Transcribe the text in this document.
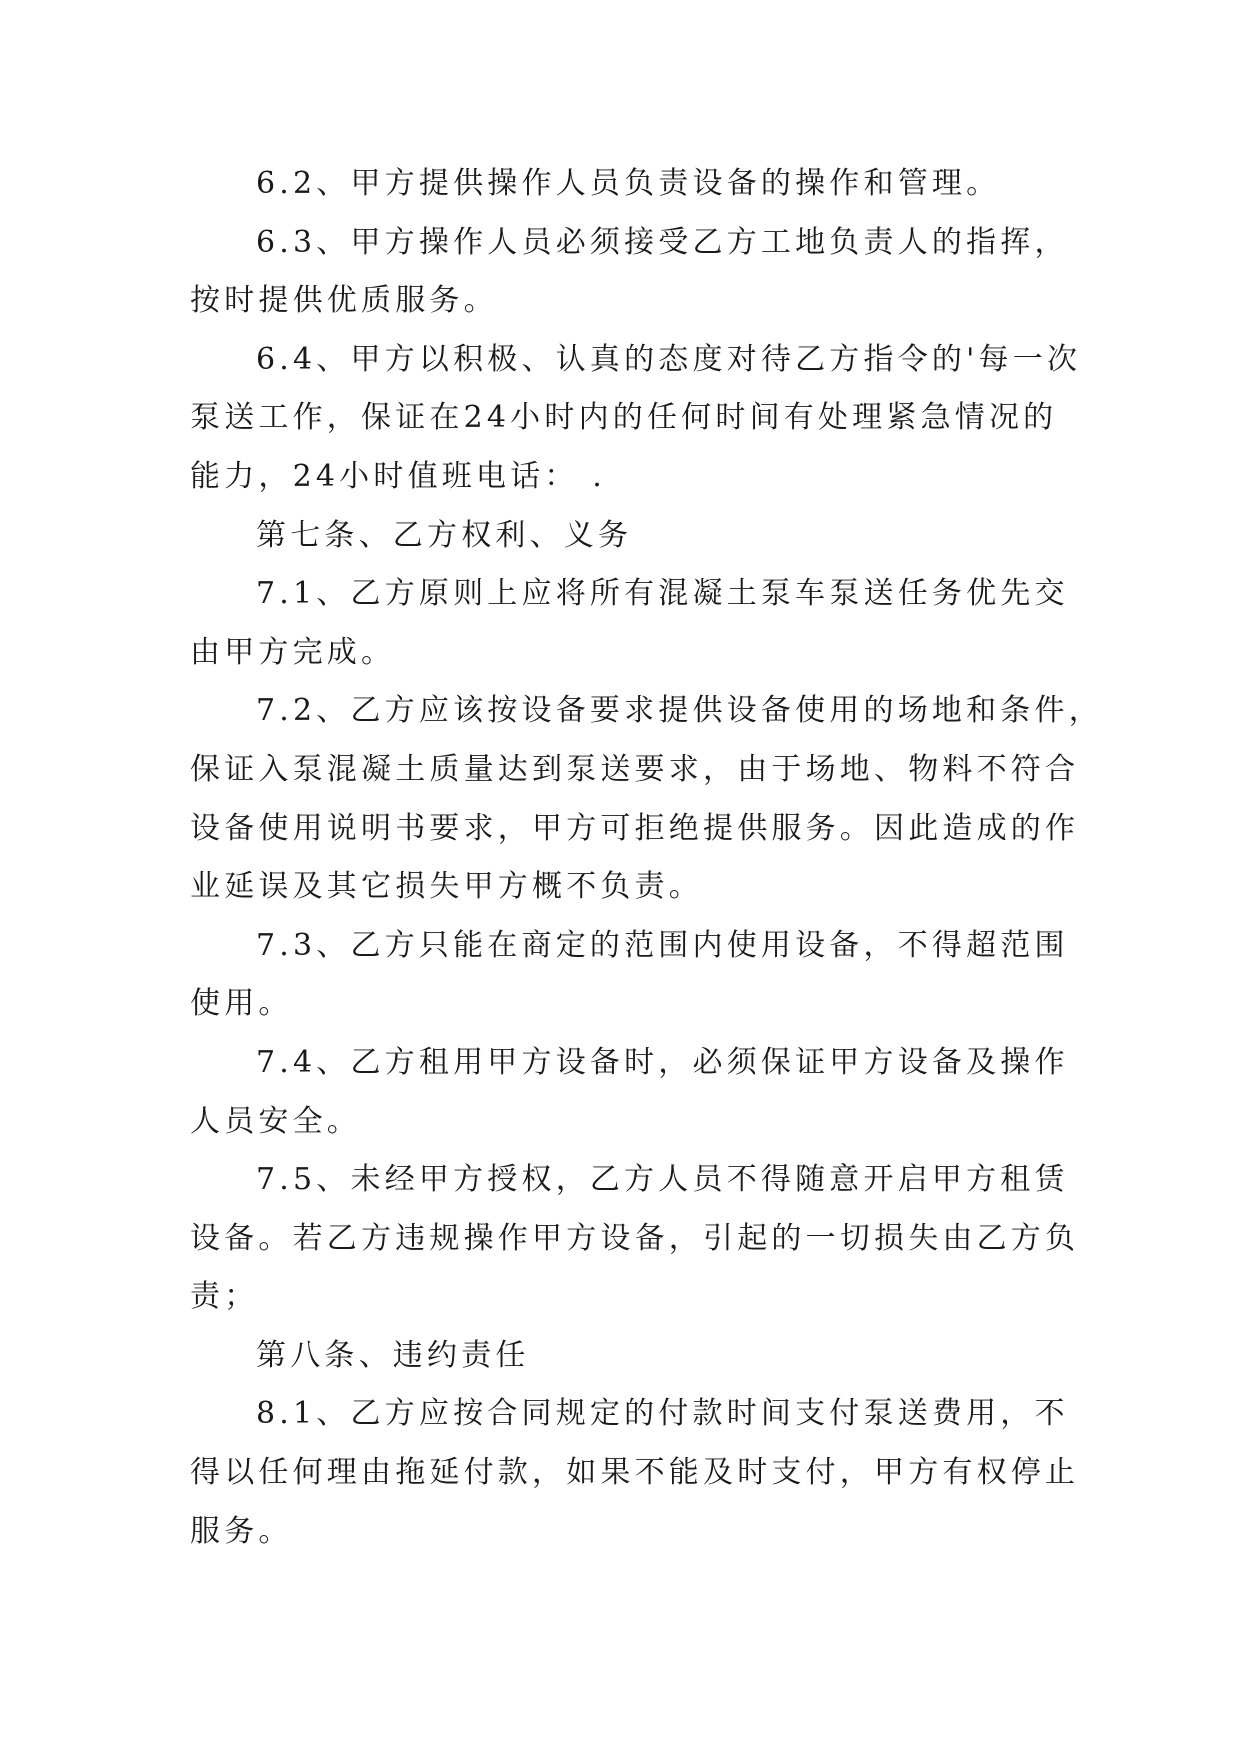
6.2、甲方提供操作人员负责设备的操作和管理。
6.3、甲方操作人员必须接受乙方工地负责人的指挥，
按时提供优质服务。
6.4、甲方以积极、认真的态度对待乙方指令的'每一次
泵送工作，保证在24小时内的任何时间有处理紧急情况的
能力，24小时值班电话： .
第七条、乙方权利、义务
7.1、乙方原则上应将所有混凝土泵车泵送任务优先交
由甲方完成。
7.2、乙方应该按设备要求提供设备使用的场地和条件，
保证入泵混凝土质量达到泵送要求，由于场地、物料不符合
设备使用说明书要求，甲方可拒绝提供服务。因此造成的作
业延误及其它损失甲方概不负责。
7.3、乙方只能在商定的范围内使用设备，不得超范围
使用。
7.4、乙方租用甲方设备时，必须保证甲方设备及操作
人员安全。
7.5、未经甲方授权，乙方人员不得随意开启甲方租赁
设备。若乙方违规操作甲方设备，引起的一切损失由乙方负
责；
第八条、违约责任
8.1、乙方应按合同规定的付款时间支付泵送费用，不
得以任何理由拖延付款，如果不能及时支付，甲方有权停止
服务。
